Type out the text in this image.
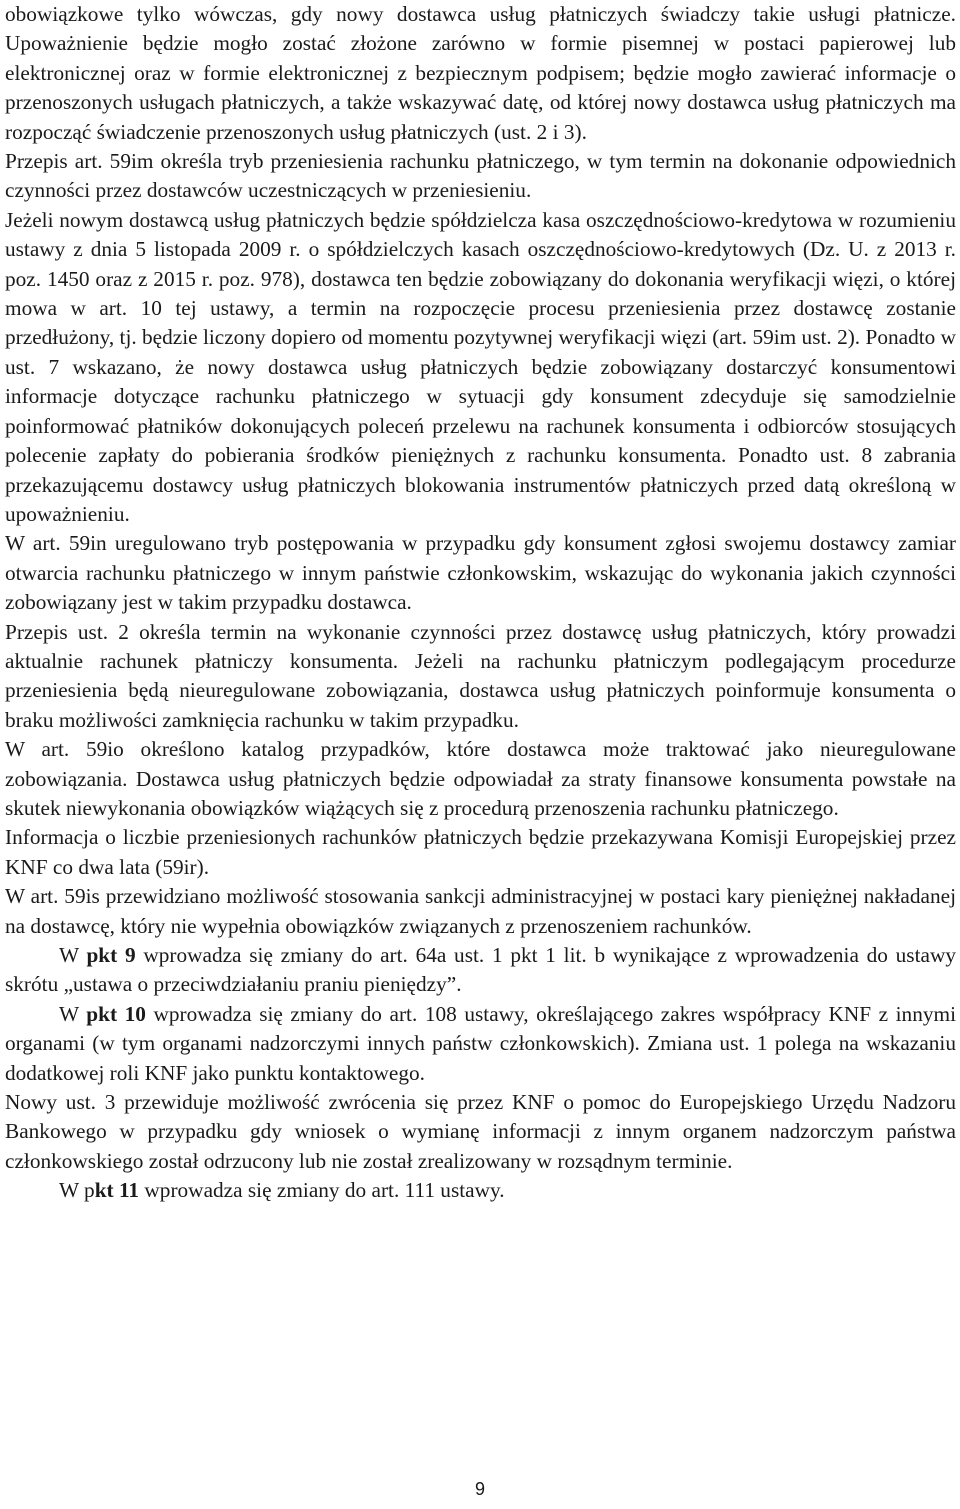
obowiązkowe tylko wówczas, gdy nowy dostawca usług płatniczych świadczy takie usługi płatnicze. Upoważnienie będzie mogło zostać złożone zarówno w formie pisemnej w postaci papierowej lub elektronicznej oraz w formie elektronicznej z bezpiecznym podpisem; będzie mogło zawierać informacje o przenoszonych usługach płatniczych, a także wskazywać datę, od której nowy dostawca usług płatniczych ma rozpocząć świadczenie przenoszonych usług płatniczych (ust. 2 i 3).

Przepis art. 59im określa tryb przeniesienia rachunku płatniczego, w tym termin na dokonanie odpowiednich czynności przez dostawców uczestniczących w przeniesieniu.

Jeżeli nowym dostawcą usług płatniczych będzie spółdzielcza kasa oszczędnościowo-kredytowa w rozumieniu ustawy z dnia 5 listopada 2009 r. o spółdzielczych kasach oszczędnościowo-kredytowych (Dz. U. z 2013 r. poz. 1450 oraz z 2015 r. poz. 978), dostawca ten będzie zobowiązany do dokonania weryfikacji więzi, o której mowa w art. 10 tej ustawy, a termin na rozpoczęcie procesu przeniesienia przez dostawcę zostanie przedłużony, tj. będzie liczony dopiero od momentu pozytywnej weryfikacji więzi (art. 59im ust. 2). Ponadto w ust. 7 wskazano, że nowy dostawca usług płatniczych będzie zobowiązany dostarczyć konsumentowi informacje dotyczące rachunku płatniczego w sytuacji gdy konsument zdecyduje się samodzielnie poinformować płatników dokonujących poleceń przelewu na rachunek konsumenta i odbiorców stosujących polecenie zapłaty do pobierania środków pieniężnych z rachunku konsumenta. Ponadto ust. 8 zabrania przekazującemu dostawcy usług płatniczych blokowania instrumentów płatniczych przed datą określoną w upoważnieniu.

W art. 59in uregulowano tryb postępowania w przypadku gdy konsument zgłosi swojemu dostawcy zamiar otwarcia rachunku płatniczego w innym państwie członkowskim, wskazując do wykonania jakich czynności zobowiązany jest w takim przypadku dostawca.

Przepis ust. 2 określa termin na wykonanie czynności przez dostawcę usług płatniczych, który prowadzi aktualnie rachunek płatniczy konsumenta. Jeżeli na rachunku płatniczym podlegającym procedurze przeniesienia będą nieuregulowane zobowiązania, dostawca usług płatniczych poinformuje konsumenta o braku możliwości zamknięcia rachunku w takim przypadku.

W art. 59io określono katalog przypadków, które dostawca może traktować jako nieuregulowane zobowiązania. Dostawca usług płatniczych będzie odpowiadał za straty finansowe konsumenta powstałe na skutek niewykonania obowiązków wiążących się z procedurą przenoszenia rachunku płatniczego.

Informacja o liczbie przeniesionych rachunków płatniczych będzie przekazywana Komisji Europejskiej przez KNF co dwa lata (59ir).

W art. 59is przewidziano możliwość stosowania sankcji administracyjnej w postaci kary pieniężnej nakładanej na dostawcę, który nie wypełnia obowiązków związanych z przenoszeniem rachunków.

W pkt 9 wprowadza się zmiany do art. 64a ust. 1 pkt 1 lit. b wynikające z wprowadzenia do ustawy skrótu „ustawa o przeciwdziałaniu praniu pieniędzy”.

W pkt 10 wprowadza się zmiany do art. 108 ustawy, określającego zakres współpracy KNF z innymi organami (w tym organami nadzorczymi innych państw członkowskich). Zmiana ust. 1 polega na wskazaniu dodatkowej roli KNF jako punktu kontaktowego.

Nowy ust. 3 przewiduje możliwość zwrócenia się przez KNF o pomoc do Europejskiego Urzędu Nadzoru Bankowego w przypadku gdy wniosek o wymianę informacji z innym organem nadzorczym państwa członkowskiego został odrzucony lub nie został zrealizowany w rozsądnym terminie.

W pkt 11 wprowadza się zmiany do art. 111 ustawy.

9
